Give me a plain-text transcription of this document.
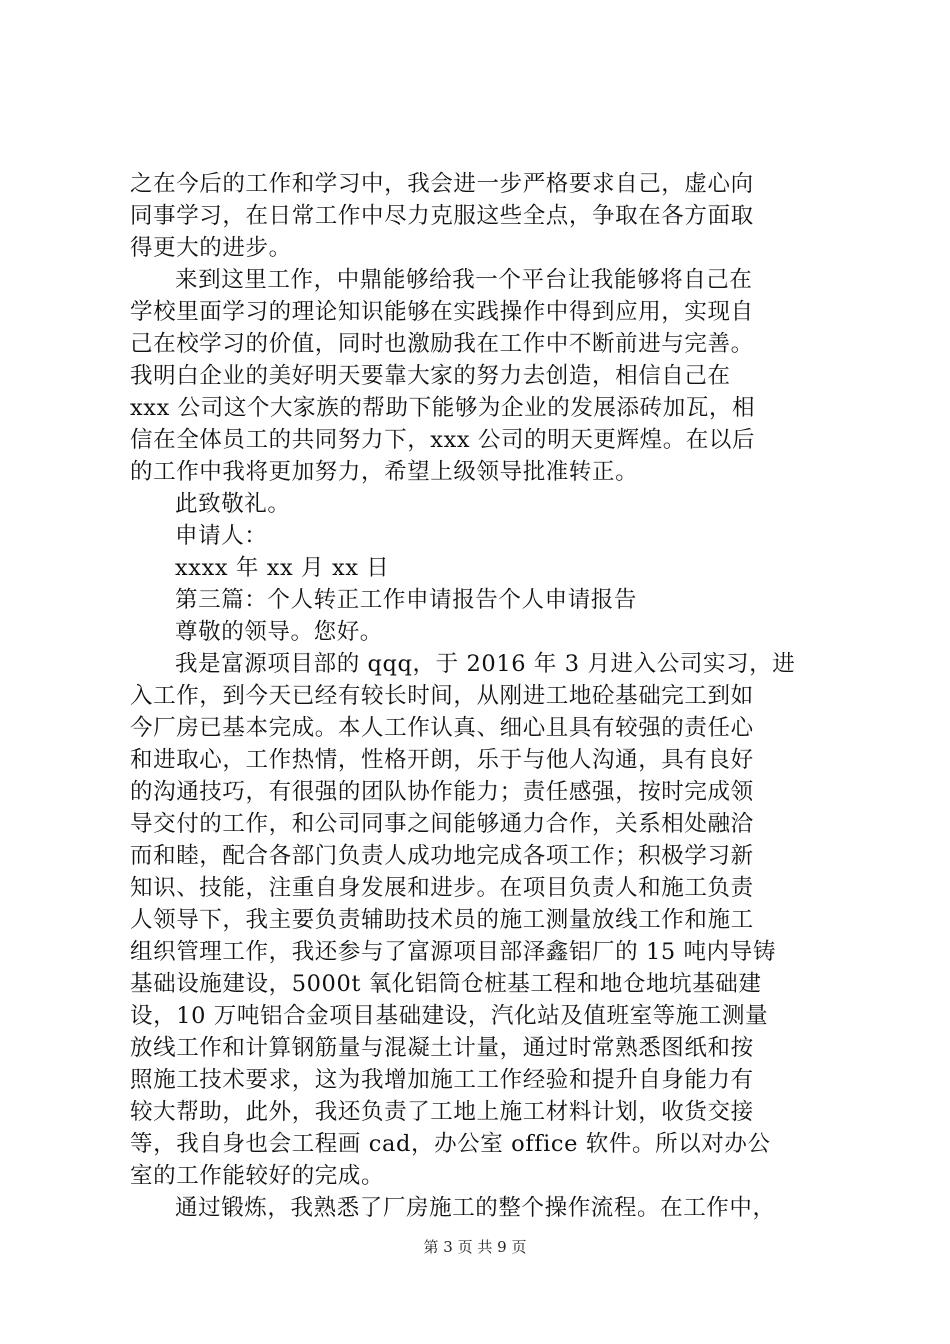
之在今后的工作和学习中，我会进一步严格要求自己，虚心向
同事学习，在日常工作中尽力克服这些全点，争取在各方面取
得更大的进步。
来到这里工作，中鼎能够给我一个平台让我能够将自己在
学校里面学习的理论知识能够在实践操作中得到应用，实现自
己在校学习的价值，同时也激励我在工作中不断前进与完善。
我明白企业的美好明天要靠大家的努力去创造，相信自己在
xxx 公司这个大家族的帮助下能够为企业的发展添砖加瓦，相
信在全体员工的共同努力下，xxx 公司的明天更辉煌。在以后
的工作中我将更加努力，希望上级领导批准转正。
此致敬礼。
申请人：
xxxx 年 xx 月 xx 日
第三篇：个人转正工作申请报告个人申请报告
尊敬的领导。您好。
我是富源项目部的 qqq，于 2016 年 3 月进入公司实习，进
入工作，到今天已经有较长时间，从刚进工地砼基础完工到如
今厂房已基本完成。本人工作认真、细心且具有较强的责任心
和进取心，工作热情，性格开朗，乐于与他人沟通，具有良好
的沟通技巧，有很强的团队协作能力；责任感强，按时完成领
导交付的工作，和公司同事之间能够通力合作，关系相处融洽
而和睦，配合各部门负责人成功地完成各项工作；积极学习新
知识、技能，注重自身发展和进步。在项目负责人和施工负责
人领导下，我主要负责辅助技术员的施工测量放线工作和施工
组织管理工作，我还参与了富源项目部泽鑫铝厂的 15 吨内导铸
基础设施建设，5000t 氧化铝筒仓桩基工程和地仓地坑基础建
设，10 万吨铝合金项目基础建设，汽化站及值班室等施工测量
放线工作和计算钢筋量与混凝土计量，通过时常熟悉图纸和按
照施工技术要求，这为我增加施工工作经验和提升自身能力有
较大帮助，此外，我还负责了工地上施工材料计划，收货交接
等，我自身也会工程画 cad，办公室 office 软件。所以对办公
室的工作能较好的完成。
通过锻炼，我熟悉了厂房施工的整个操作流程。在工作中，
第 3 页 共 9 页
